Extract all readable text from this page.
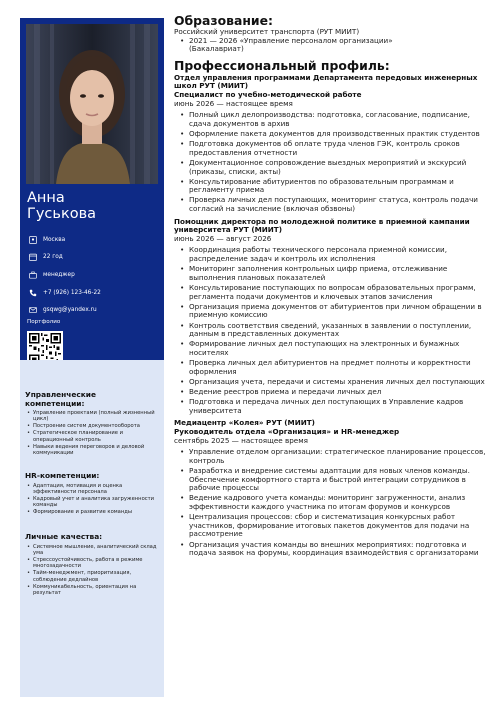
Анна
Гуськова
Москва
22 год
менеджер
+7 (926) 123-46-22
gsqwg@yandex.ru
Портфолио
Управленческие
компетенции:
• Управление проектами (полный жизненный цикл)
• Построение систем документооборота
• Стратегическое планирование и операционный контроль
• Навыки ведения переговоров и деловой коммуникации
HR-компетенции:
• Адаптация, мотивация и оценка эффективности персонала
• Кадровый учет и аналитика загруженности команды
• Формирование и развитие команды
Личные качества:
• Системное мышление, аналитический склад ума
• Стрессоустойчивость, работа в режиме многозадачности
• Тайм-менеджмент, приоритизация, соблюдение дедлайнов
• Коммуникабельность, ориентация на результат
Образование:
Российский университет транспорта (РУТ МИИТ)
• 2021 — 2026 «Управление персоналом организации»
(Бакалавриат)
Профессиональный профиль:
Отдел управления программами Департамента передовых инженерных школ РУТ (МИИТ)
Специалист по учебно-методической работе
июнь 2026 — настоящее время
• Полный цикл делопроизводства: подготовка, согласование, подписание, сдача документов в архив
• Оформление пакета документов для производственных практик студентов
• Подготовка документов об оплате труда членов ГЭК, контроль сроков предоставления отчетности
• Документационное сопровождение выездных мероприятий и экскурсий (приказы, списки, акты)
• Консультирование абитуриентов по образовательным программам и регламенту приема
• Проверка личных дел поступающих, мониторинг статуса, контроль подачи согласий на зачисление (включая обзвоны)
Помощник директора по молодежной политике в приемной кампании университета РУТ (МИИТ)
июнь 2026 — август 2026
• Координация работы технического персонала приемной комиссии, распределение задач и контроль их исполнения
• Мониторинг заполнения контрольных цифр приема, отслеживание выполнения плановых показателей
• Консультирование поступающих по вопросам образовательных программ, регламента подачи документов и ключевых этапов зачисления
• Организация приема документов от абитуриентов при личном обращении в приемную комиссию
• Контроль соответствия сведений, указанных в заявлении о поступлении, данным в представленных документах
• Формирование личных дел поступающих на электронных и бумажных носителях
• Проверка личных дел абитуриентов на предмет полноты и корректности оформления
• Организация учета, передачи и системы хранения личных дел поступающих
• Ведение реестров приема и передачи личных дел
• Подготовка и передача личных дел поступающих в Управление кадров университета
Медиацентр «Колея» РУТ (МИИТ)
Руководитель отдела «Организация» и HR-менеджер
сентябрь 2025 — настоящее время
• Управление отделом организации: стратегическое планирование процессов, контроль
• Разработка и внедрение системы адаптации для новых членов команды. Обеспечение комфортного старта и быстрой интеграции сотрудников в рабочие процессы
• Ведение кадрового учета команды: мониторинг загруженности, анализ эффективности каждого участника по итогам форумов и конкурсов
• Централизация процессов: сбор и систематизация конкурсных работ участников, формирование итоговых пакетов документов для подачи на рассмотрение
• Организация участия команды во внешних мероприятиях: подготовка и подача заявок на форумы, координация взаимодействия с организаторами
